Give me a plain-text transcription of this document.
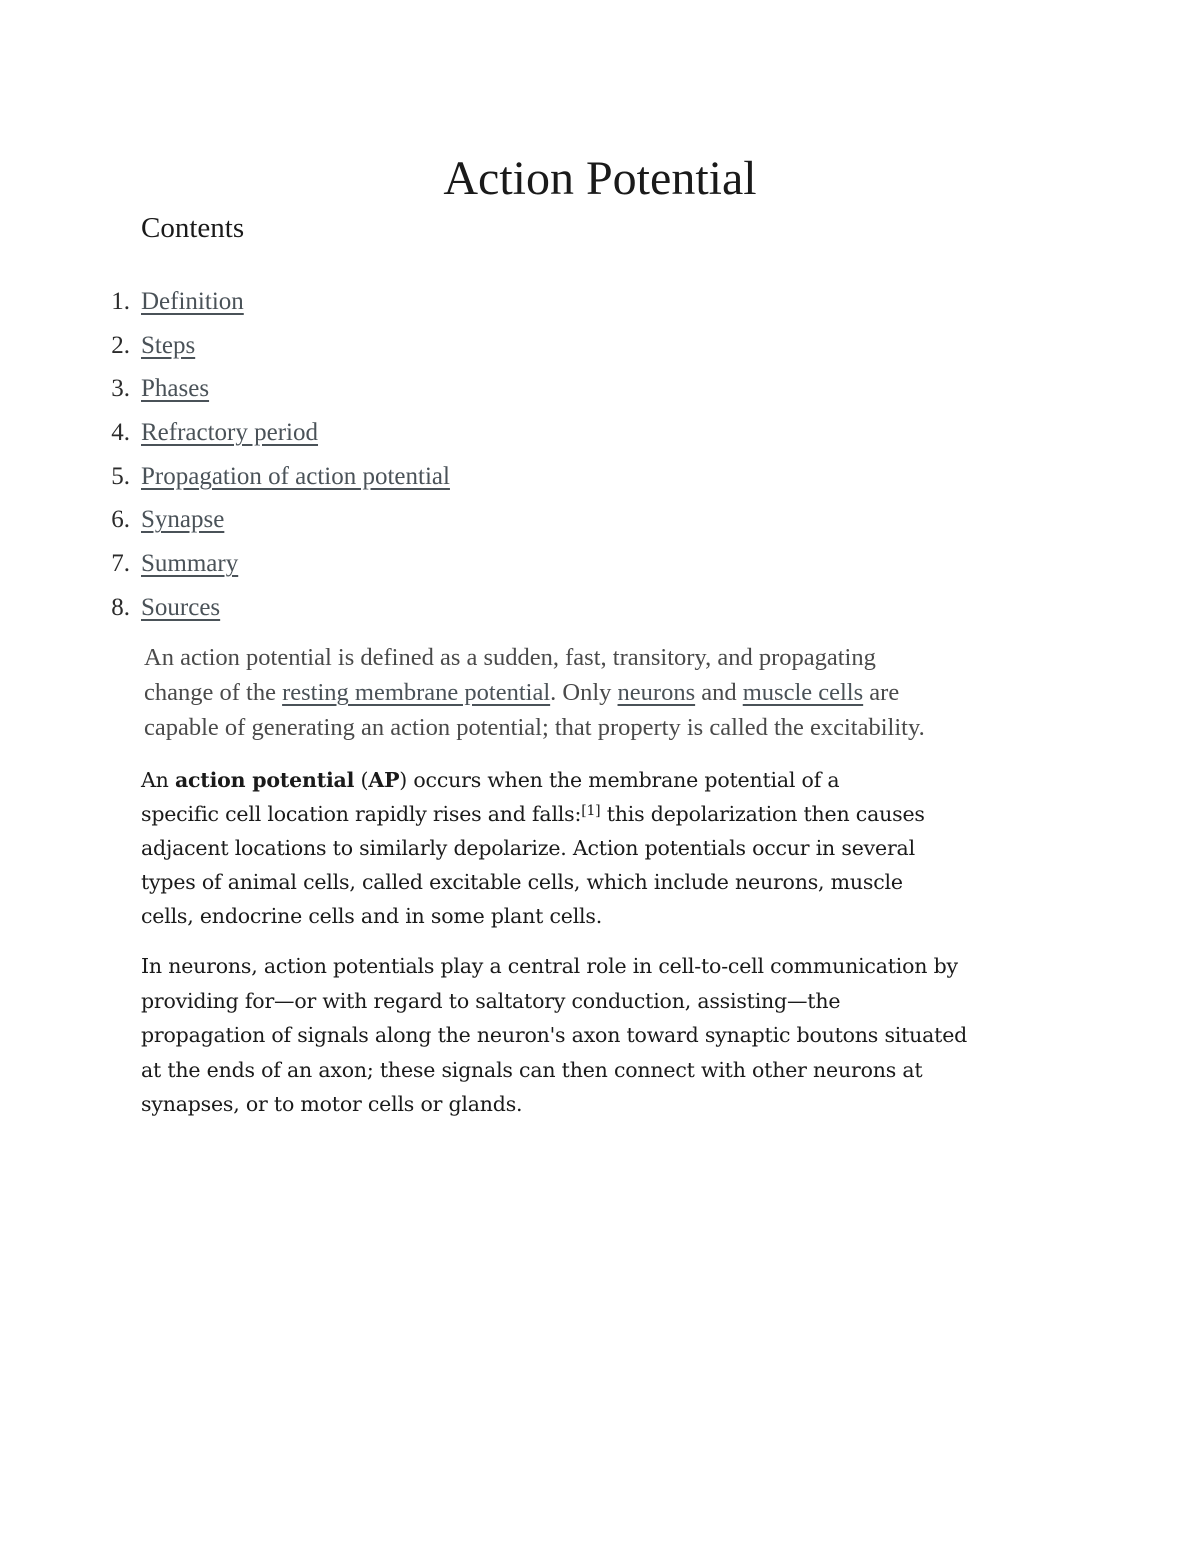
Action Potential
Contents
1. Definition
2. Steps
3. Phases
4. Refractory period
5. Propagation of action potential
6. Synapse
7. Summary
8. Sources

An action potential is defined as a sudden, fast, transitory, and propagating
change of the resting membrane potential. Only neurons and muscle cells are
capable of generating an action potential; that property is called the excitability.

An action potential (AP) occurs when the membrane potential of a
specific cell location rapidly rises and falls:[1] this depolarization then causes
adjacent locations to similarly depolarize. Action potentials occur in several
types of animal cells, called excitable cells, which include neurons, muscle
cells, endocrine cells and in some plant cells.

In neurons, action potentials play a central role in cell-to-cell communication by
providing for—or with regard to saltatory conduction, assisting—the
propagation of signals along the neuron's axon toward synaptic boutons situated
at the ends of an axon; these signals can then connect with other neurons at
synapses, or to motor cells or glands.
